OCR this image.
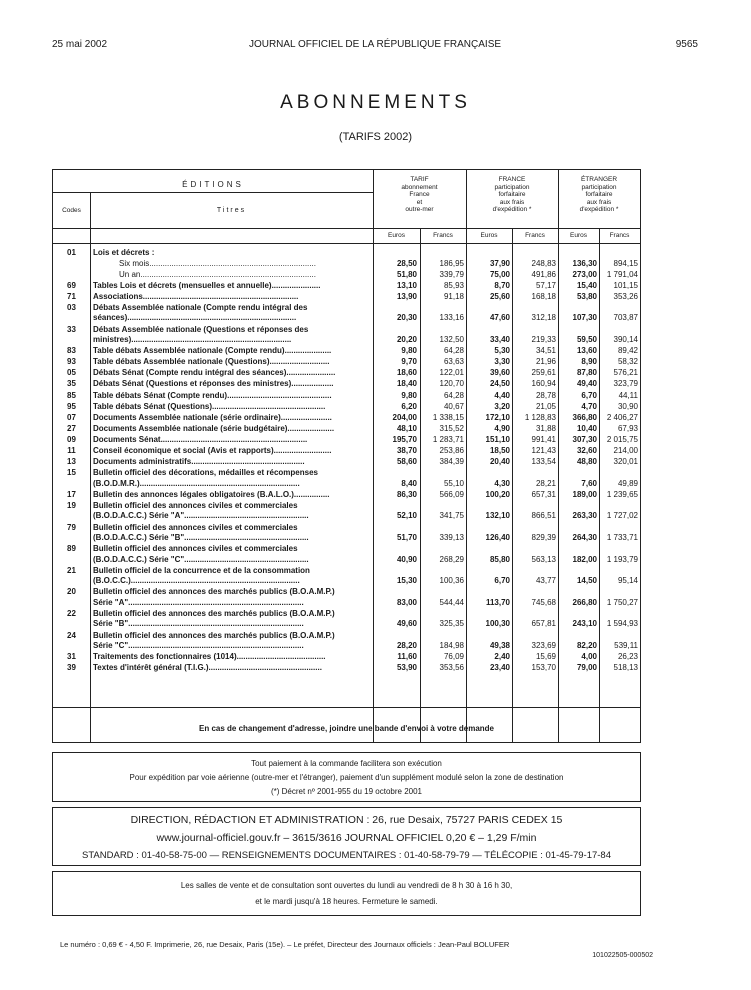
25 mai 2002	JOURNAL OFFICIEL DE LA RÉPUBLIQUE FRANÇAISE	9565
ABONNEMENTS
(TARIFS 2002)
ÉDITIONS
Codes	Titres
TARIF
abonnement
France
et
outre-mer
FRANCE
participation
forfaitaire
aux frais
d'expédition *
ÉTRANGER
participation
forfaitaire
aux frais
d'expédition *
Euros	Francs	Euros	Francs	Euros	Francs
01	Lois et décrets :
Six mois...........................................................................	28,50	186,95	37,90	248,83	136,30	894,15
Un an...............................................................................	51,80	339,79	75,00	491,86	273,00	1 791,04
69	Tables Lois et décrets (mensuelles et annuelle)......................	13,10	85,93	8,70	57,17	15,40	101,15
71	Associations......................................................................	13,90	91,18	25,60	168,18	53,80	353,26
03	Débats Assemblée nationale (Compte rendu intégral des
séances)............................................................................	20,30	133,16	47,60	312,18	107,30	703,87
33	Débats Assemblée nationale (Questions et réponses des
ministres)........................................................................	20,20	132,50	33,40	219,33	59,50	390,14
83	Table débats Assemblée nationale (Compte rendu).....................	9,80	64,28	5,30	34,51	13,60	89,42
93	Table débats Assemblée nationale (Questions)...........................	9,70	63,63	3,30	21,96	8,90	58,32
05	Débats Sénat (Compte rendu intégral des séances)......................	18,60	122,01	39,60	259,61	87,80	576,21
35	Débats Sénat (Questions et réponses des ministres)...................	18,40	120,70	24,50	160,94	49,40	323,79
85	Table débats Sénat (Compte rendu)...............................................	9,80	64,28	4,40	28,78	6,70	44,11
95	Table débats Sénat (Questions)...................................................	6,20	40,67	3,20	21,05	4,70	30,90
07	Documents Assemblée nationale (série ordinaire).......................	204,00	1 338,15	172,10	1 128,83	366,80	2 406,27
27	Documents Assemblée nationale (série budgétaire).....................	48,10	315,52	4,90	31,88	10,40	67,93
09	Documents Sénat..................................................................	195,70	1 283,71	151,10	991,41	307,30	2 015,75
11	Conseil économique et social (Avis et rapports)..........................	38,70	253,86	18,50	121,43	32,60	214,00
13	Documents administratifs...................................................	58,60	384,39	20,40	133,54	48,80	320,01
15	Bulletin officiel des décorations, médailles et récompenses
(B.O.D.M.R.)........................................................................	8,40	55,10	4,30	28,21	7,60	49,89
17	Bulletin des annonces légales obligatoires (B.A.L.O.)................	86,30	566,09	100,20	657,31	189,00	1 239,65
19	Bulletin officiel des annonces civiles et commerciales
(B.O.D.A.C.C.) Série "A"........................................................	52,10	341,75	132,10	866,51	263,30	1 727,02
79	Bulletin officiel des annonces civiles et commerciales
(B.O.D.A.C.C.) Série "B"........................................................	51,70	339,13	126,40	829,39	264,30	1 733,71
89	Bulletin officiel des annonces civiles et commerciales
(B.O.D.A.C.C.) Série "C"........................................................	40,90	268,29	85,80	563,13	182,00	1 193,79
21	Bulletin officiel de la concurrence et de la consommation
(B.O.C.C.)............................................................................	15,30	100,36	6,70	43,77	14,50	95,14
20	Bulletin officiel des annonces des marchés publics (B.O.A.M.P.)
Série "A"...............................................................................	83,00	544,44	113,70	745,68	266,80	1 750,27
22	Bulletin officiel des annonces des marchés publics (B.O.A.M.P.)
Série "B"...............................................................................	49,60	325,35	100,30	657,81	243,10	1 594,93
24	Bulletin officiel des annonces des marchés publics (B.O.A.M.P.)
Série "C"...............................................................................	28,20	184,98	49,38	323,69	82,20	539,11
31	Traitements des fonctionnaires (1014)........................................	11,60	76,09	2,40	15,69	4,00	26,23
39	Textes d'intérêt général (T.I.G.)...................................................	53,90	353,56	23,40	153,70	79,00	518,13
En cas de changement d'adresse, joindre une bande d'envoi à votre demande

Tout paiement à la commande facilitera son exécution

Pour expédition par voie aérienne (outre-mer et l'étranger), paiement d'un supplément modulé selon la zone de destination

(*) Décret nº 2001-955 du 19 octobre 2001

DIRECTION, RÉDACTION ET ADMINISTRATION : 26, rue Desaix, 75727 PARIS CEDEX 15

www.journal-officiel.gouv.fr – 3615/3616 JOURNAL OFFICIEL 0,20 € – 1,29 F/min

STANDARD : 01-40-58-75-00 — RENSEIGNEMENTS DOCUMENTAIRES : 01-40-58-79-79 — TÉLÉCOPIE : 01-45-79-17-84

Les salles de vente et de consultation sont ouvertes du lundi au vendredi de 8 h 30 à 16 h 30,

et le mardi jusqu'à 18 heures. Fermeture le samedi.

Le numéro : 0,69 € - 4,50 F. Imprimerie, 26, rue Desaix, Paris (15e). – Le préfet, Directeur des Journaux officiels : Jean-Paul BOLUFER
101022505-000502
